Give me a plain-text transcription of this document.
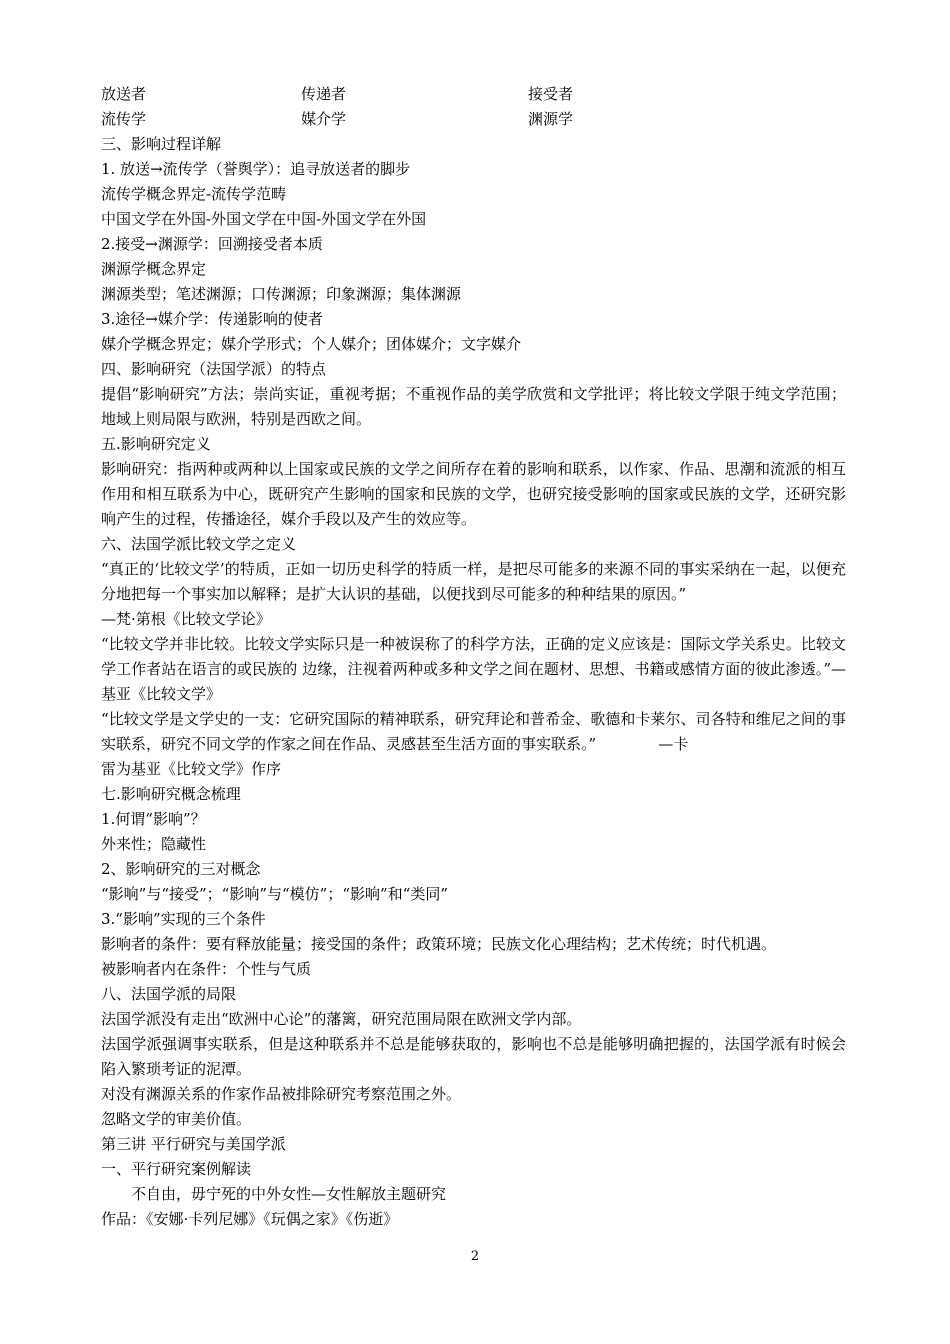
放送者	传递者	接受者
流传学	媒介学	渊源学

三、影响过程详解

1. 放送→流传学（誉舆学）：追寻放送者的脚步

流传学概念界定-流传学范畴

中国文学在外国-外国文学在中国-外国文学在外国

2.接受→渊源学：回溯接受者本质

渊源学概念界定

渊源类型；笔述渊源；口传渊源；印象渊源；集体渊源

3.途径→媒介学：传递影响的使者

媒介学概念界定；媒介学形式；个人媒介；团体媒介；文字媒介

四、影响研究（法国学派）的特点

提倡“影响研究”方法；崇尚实证，重视考据；不重视作品的美学欣赏和文学批评；将比较文学限于纯文学范围；地域上则局限与欧洲，特别是西欧之间。

五.影响研究定义

影响研究：指两种或两种以上国家或民族的文学之间所存在着的影响和联系，以作家、作品、思潮和流派的相互作用和相互联系为中心，既研究产生影响的国家和民族的文学，也研究接受影响的国家或民族的文学，还研究影响产生的过程，传播途径，媒介手段以及产生的效应等。

六、法国学派比较文学之定义

“真正的‘比较文学’的特质，正如一切历史科学的特质一样，是把尽可能多的来源不同的事实采纳在一起，以便充分地把每一个事实加以解释；是扩大认识的基础，以便找到尽可能多的种种结果的原因。”

—梵·第根《比较文学论》

“比较文学并非比较。比较文学实际只是一种被误称了的科学方法，正确的定义应该是：国际文学关系史。比较文学工作者站在语言的或民族的 边缘，注视着两种或多种文学之间在题材、思想、书籍或感情方面的彼此渗透。”—基亚《比较文学》

“比较文学是文学史的一支：它研究国际的精神联系，研究拜论和普希金、歌德和卡莱尔、司各特和维尼之间的事实联系，研究不同文学的作家之间在作品、灵感甚至生活方面的事实联系。”	—卡

雷为基亚《比较文学》作序

七.影响研究概念梳理

1.何谓“影响”？

外来性；隐藏性

2、影响研究的三对概念

“影响”与“接受”；“影响”与“模仿”；“影响”和“类同”

3.“影响”实现的三个条件

影响者的条件：要有释放能量；接受国的条件；政策环境；民族文化心理结构；艺术传统；时代机遇。

被影响者内在条件：个性与气质

八、法国学派的局限

法国学派没有走出“欧洲中心论”的藩篱，研究范围局限在欧洲文学内部。

法国学派强调事实联系，但是这种联系并不总是能够获取的，影响也不总是能够明确把握的，法国学派有时候会陷入繁琐考证的泥潭。

对没有渊源关系的作家作品被排除研究考察范围之外。

忽略文学的审美价值。

第三讲 平行研究与美国学派

一、平行研究案例解读

不自由，毋宁死的中外女性—女性解放主题研究

作品：《安娜·卡列尼娜》《玩偶之家》《伤逝》

2
